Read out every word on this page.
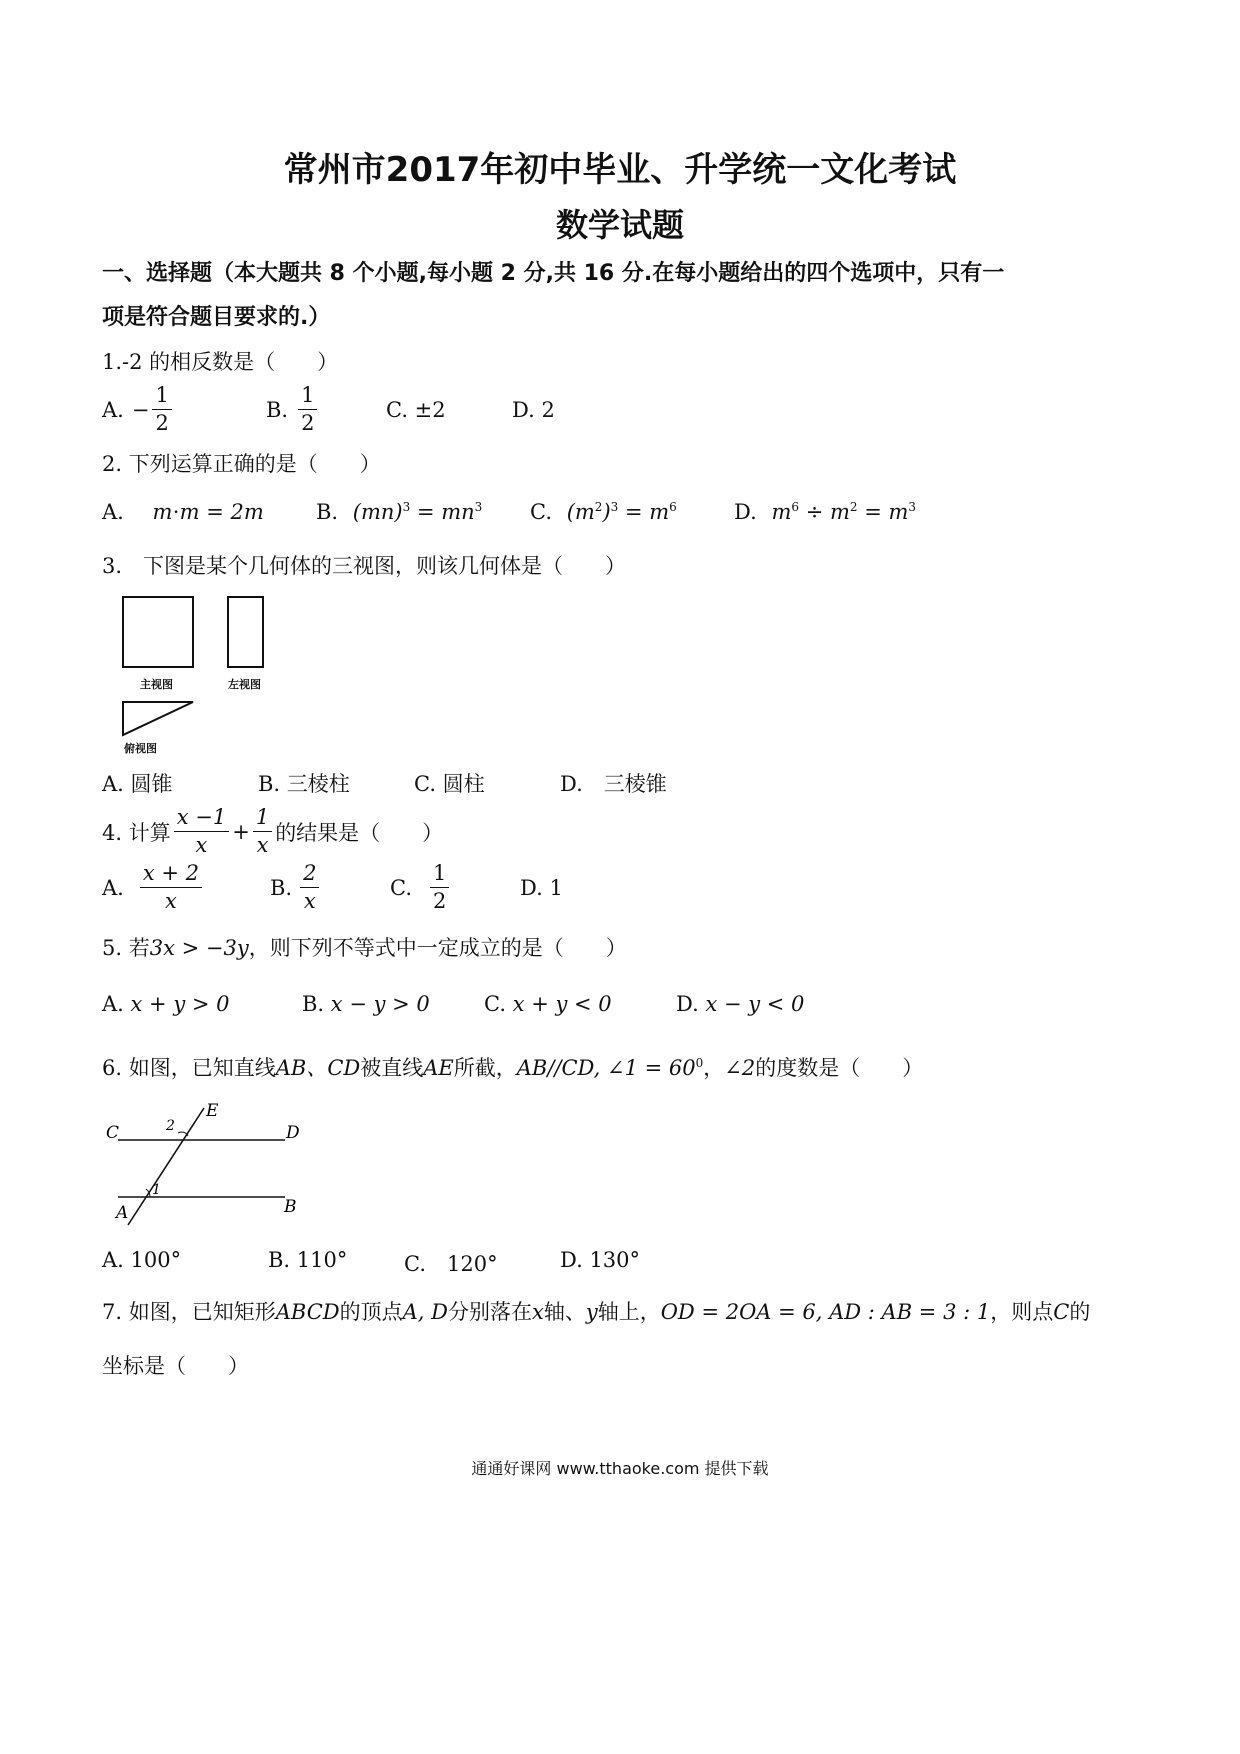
常州市2017年初中毕业、升学统一文化考试
数学试题
一、选择题（本大题共 8 个小题,每小题 2 分,共 16 分.在每小题给出的四个选项中，只有一
项是符合题目要求的.）
1.-2 的相反数是（　　）
A. − $\frac{1}{2}$	B. $\frac{1}{2}$	C. ±2	D. 2
2. 下列运算正确的是（　　）
A. m⋅m = 2m B. $(mn)^3 = mn^3$ C. $(m^2)^3 = m^6$	D. $m^6 \div m^2 = m^3$
3.　下图是某个几何体的三视图，则该几何体是（　　）
主视图	左视图
俯视图
A. 圆锥	B. 三棱柱	C. 圆柱	D.　三棱锥
4. 计算 $\frac{x -1}{x} + \frac{1}{x}$ 的结果是（　　）
A. $\frac{x + 2}{x}$	B. $\frac{2}{x}$	C. $\frac{1}{2}$	D. 1
5. 若3x > −3y，则下列不等式中一定成立的是（　　）
A. x + y > 0	B. x − y > 0	C. x + y < 0	D. x − y < 0
6. 如图，已知直线AB、CD被直线AE所截，AB//CD, ∠1 = $60^0$，∠2的度数是（　　）
C	D
E
A	B
1
2
A. 100°	B. 110°	C.　120°	D. 130°
7. 如图，已知矩形ABCD的顶点A, D分别落在x轴、y轴上，OD = 2OA = 6, AD : AB = 3 : 1，则点C的
坐标是（　　）
通通好课网 www.tthaoke.com 提供下载
